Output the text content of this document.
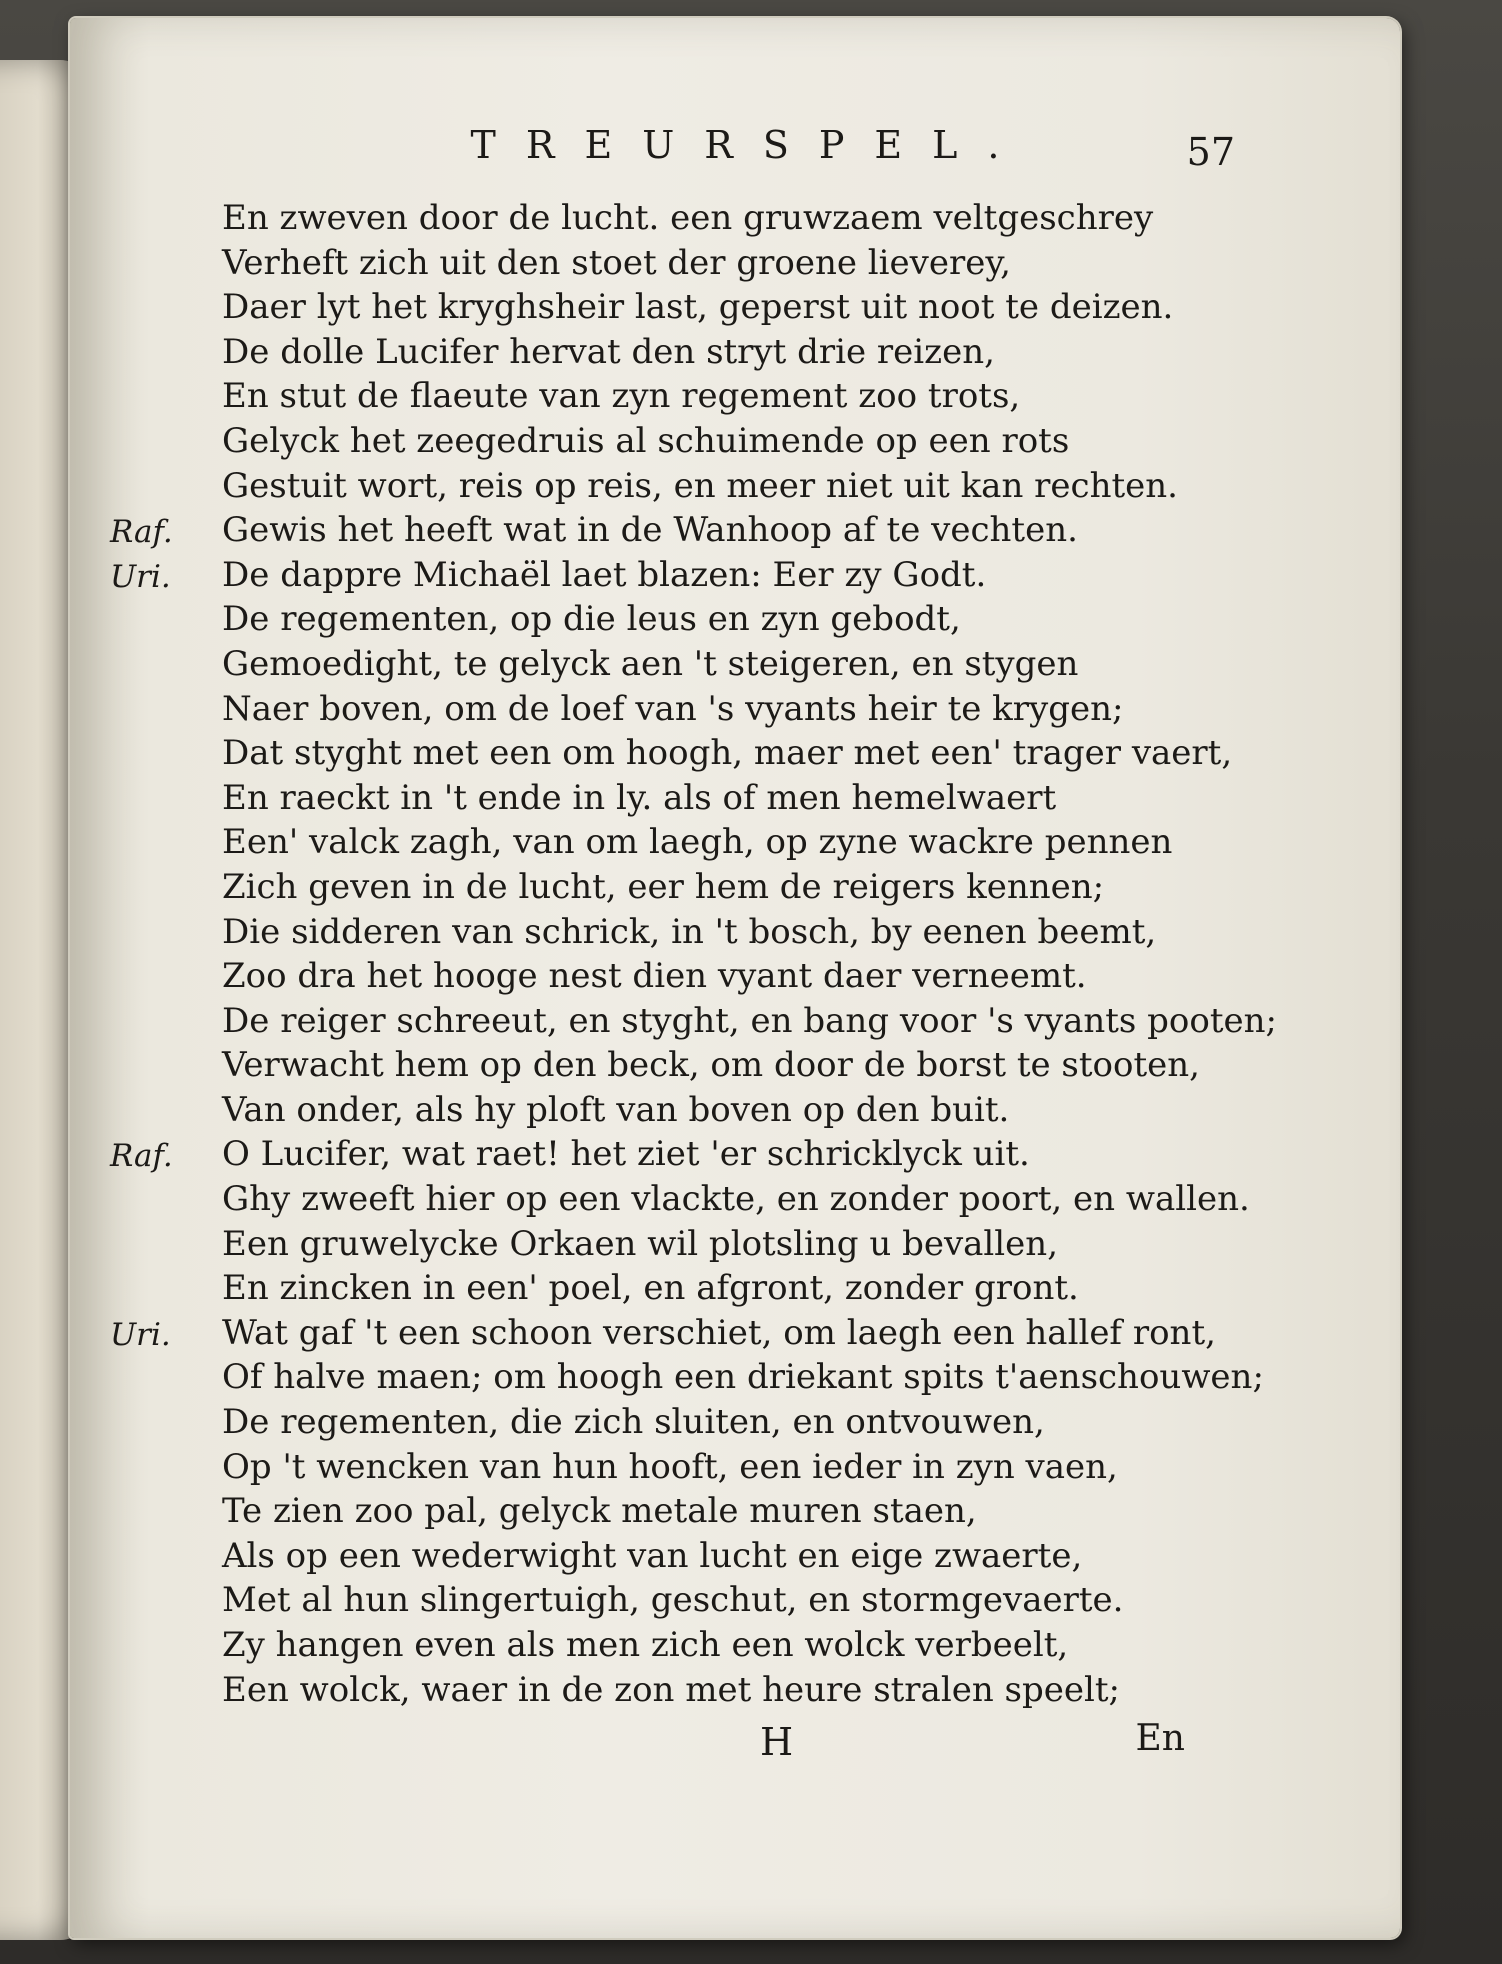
TREURSPEL.	57
En zweven door de lucht. een gruwzaem veltgeschrey
Verheft zich uit den stoet der groene lieverey,
Daer lyt het kryghsheir last, geperst uit noot te deizen.
De dolle Lucifer hervat den stryt drie reizen,
En stut de flaeute van zyn regement zoo trots,
Gelyck het zeegedruis al schuimende op een rots
Gestuit wort, reis op reis, en meer niet uit kan rechten.
Raf. Gewis het heeft wat in de Wanhoop af te vechten.
Uri. De dappre Michaël laet blazen: Eer zy Godt.
De regementen, op die leus en zyn gebodt,
Gemoedight, te gelyck aen 't steigeren, en stygen
Naer boven, om de loef van 's vyants heir te krygen;
Dat styght met een om hoogh, maer met een' trager vaert,
En raeckt in 't ende in ly. als of men hemelwaert
Een' valck zagh, van om laegh, op zyne wackre pennen
Zich geven in de lucht, eer hem de reigers kennen;
Die sidderen van schrick, in 't bosch, by eenen beemt,
Zoo dra het hooge nest dien vyant daer verneemt.
De reiger schreeut, en styght, en bang voor 's vyants pooten;
Verwacht hem op den beck, om door de borst te stooten,
Van onder, als hy ploft van boven op den buit.
Raf. O Lucifer, wat raet! het ziet 'er schricklyck uit.
Ghy zweeft hier op een vlackte, en zonder poort, en wallen.
Een gruwelycke Orkaen wil plotsling u bevallen,
En zincken in een' poel, en afgront, zonder gront.
Uri. Wat gaf 't een schoon verschiet, om laegh een hallef ront,
Of halve maen; om hoogh een driekant spits t'aenschouwen;
De regementen, die zich sluiten, en ontvouwen,
Op 't wencken van hun hooft, een ieder in zyn vaen,
Te zien zoo pal, gelyck metale muren staen,
Als op een wederwight van lucht en eige zwaerte,
Met al hun slingertuigh, geschut, en stormgevaerte.
Zy hangen even als men zich een wolck verbeelt,
Een wolck, waer in de zon met heure stralen speelt;
H	En
